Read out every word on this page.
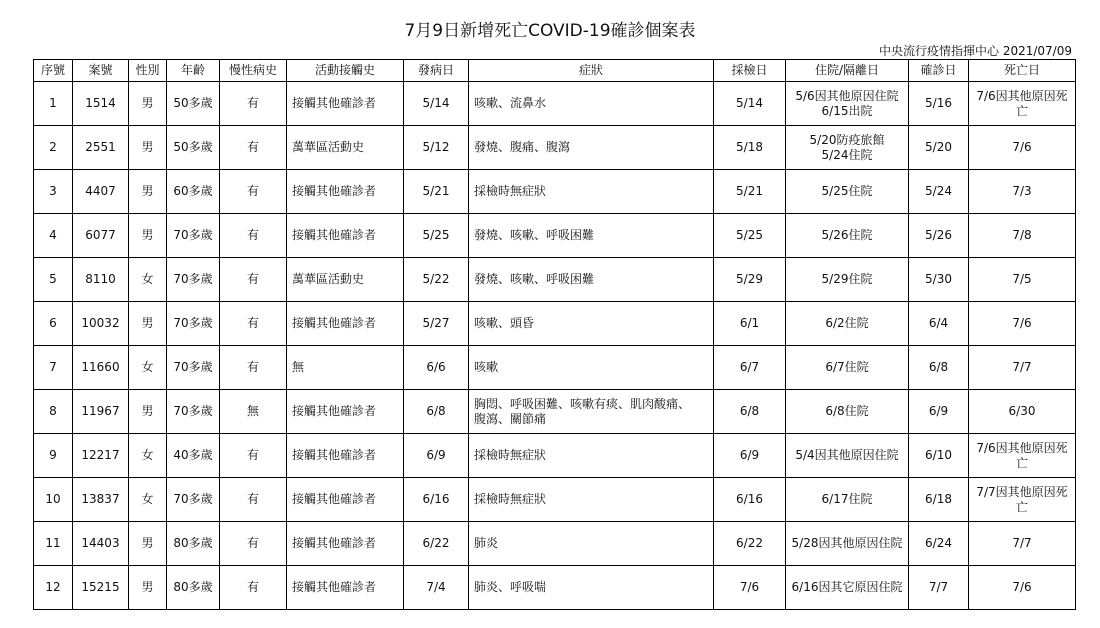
7月9日新增死亡COVID-19確診個案表
中央流行疫情指揮中心 2021/07/09
序號	案號	性別	年齡	慢性病史	活動接觸史	發病日	症狀	採檢日	住院/隔離日	確診日	死亡日
1	1514	男	50多歲	有	接觸其他確診者	5/14	咳嗽、流鼻水	5/14	5/6因其他原因住院
6/15出院	5/16	7/6因其他原因死亡
2	2551	男	50多歲	有	萬華區活動史	5/12	發燒、腹痛、腹瀉	5/18	5/20防疫旅館
5/24住院	5/20	7/6
3	4407	男	60多歲	有	接觸其他確診者	5/21	採檢時無症狀	5/21	5/25住院	5/24	7/3
4	6077	男	70多歲	有	接觸其他確診者	5/25	發燒、咳嗽、呼吸困難	5/25	5/26住院	5/26	7/8
5	8110	女	70多歲	有	萬華區活動史	5/22	發燒、咳嗽、呼吸困難	5/29	5/29住院	5/30	7/5
6	10032	男	70多歲	有	接觸其他確診者	5/27	咳嗽、頭昏	6/1	6/2住院	6/4	7/6
7	11660	女	70多歲	有	無	6/6	咳嗽	6/7	6/7住院	6/8	7/7
8	11967	男	70多歲	無	接觸其他確診者	6/8	胸悶、呼吸困難、咳嗽有痰、肌肉酸痛、
腹瀉、關節痛	6/8	6/8住院	6/9	6/30
9	12217	女	40多歲	有	接觸其他確診者	6/9	採檢時無症狀	6/9	5/4因其他原因住院	6/10	7/6因其他原因死亡
10	13837	女	70多歲	有	接觸其他確診者	6/16	採檢時無症狀	6/16	6/17住院	6/18	7/7因其他原因死亡
11	14403	男	80多歲	有	接觸其他確診者	6/22	肺炎	6/22	5/28因其他原因住院	6/24	7/7
12	15215	男	80多歲	有	接觸其他確診者	7/4	肺炎、呼吸喘	7/6	6/16因其它原因住院	7/7	7/6
